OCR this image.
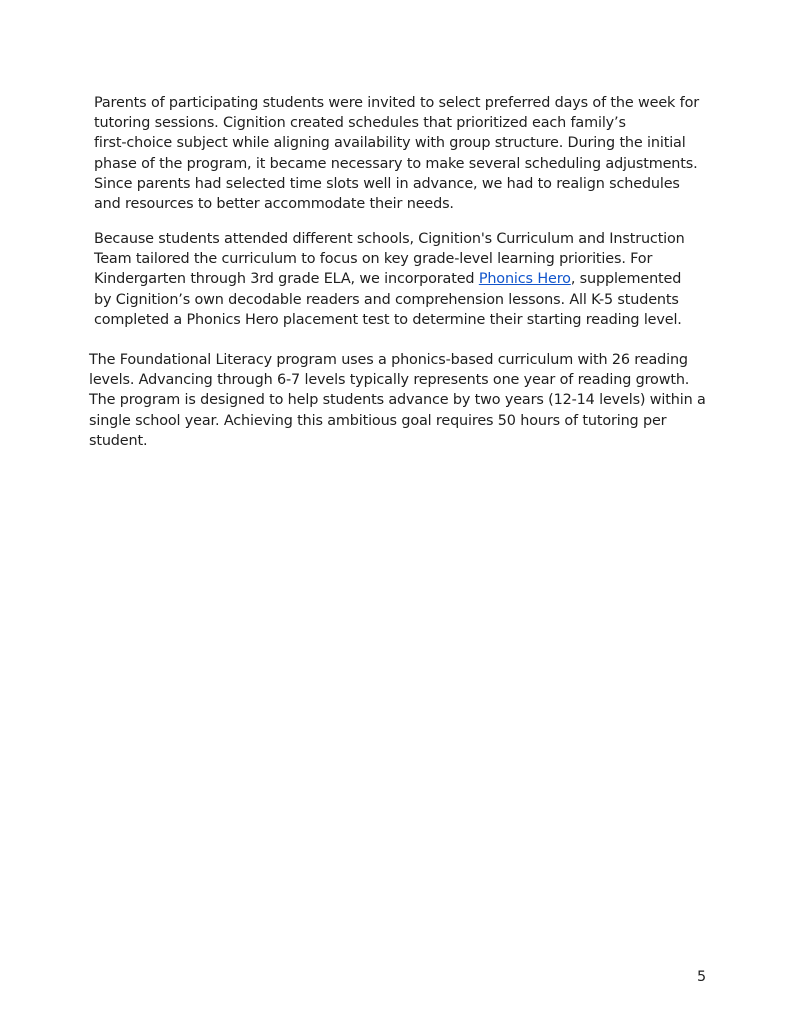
Parents of participating students were invited to select preferred days of the week for
tutoring sessions. Cignition created schedules that prioritized each family’s
first-choice subject while aligning availability with group structure. During the initial
phase of the program, it became necessary to make several scheduling adjustments.
Since parents had selected time slots well in advance, we had to realign schedules
and resources to better accommodate their needs.

Because students attended different schools, Cignition's Curriculum and Instruction
Team tailored the curriculum to focus on key grade-level learning priorities. For
Kindergarten through 3rd grade ELA, we incorporated Phonics Hero, supplemented
by Cignition’s own decodable readers and comprehension lessons. All K-5 students
completed a Phonics Hero placement test to determine their starting reading level.

The Foundational Literacy program uses a phonics-based curriculum with 26 reading
levels. Advancing through 6-7 levels typically represents one year of reading growth.
The program is designed to help students advance by two years (12-14 levels) within a
single school year. Achieving this ambitious goal requires 50 hours of tutoring per
student.

5
